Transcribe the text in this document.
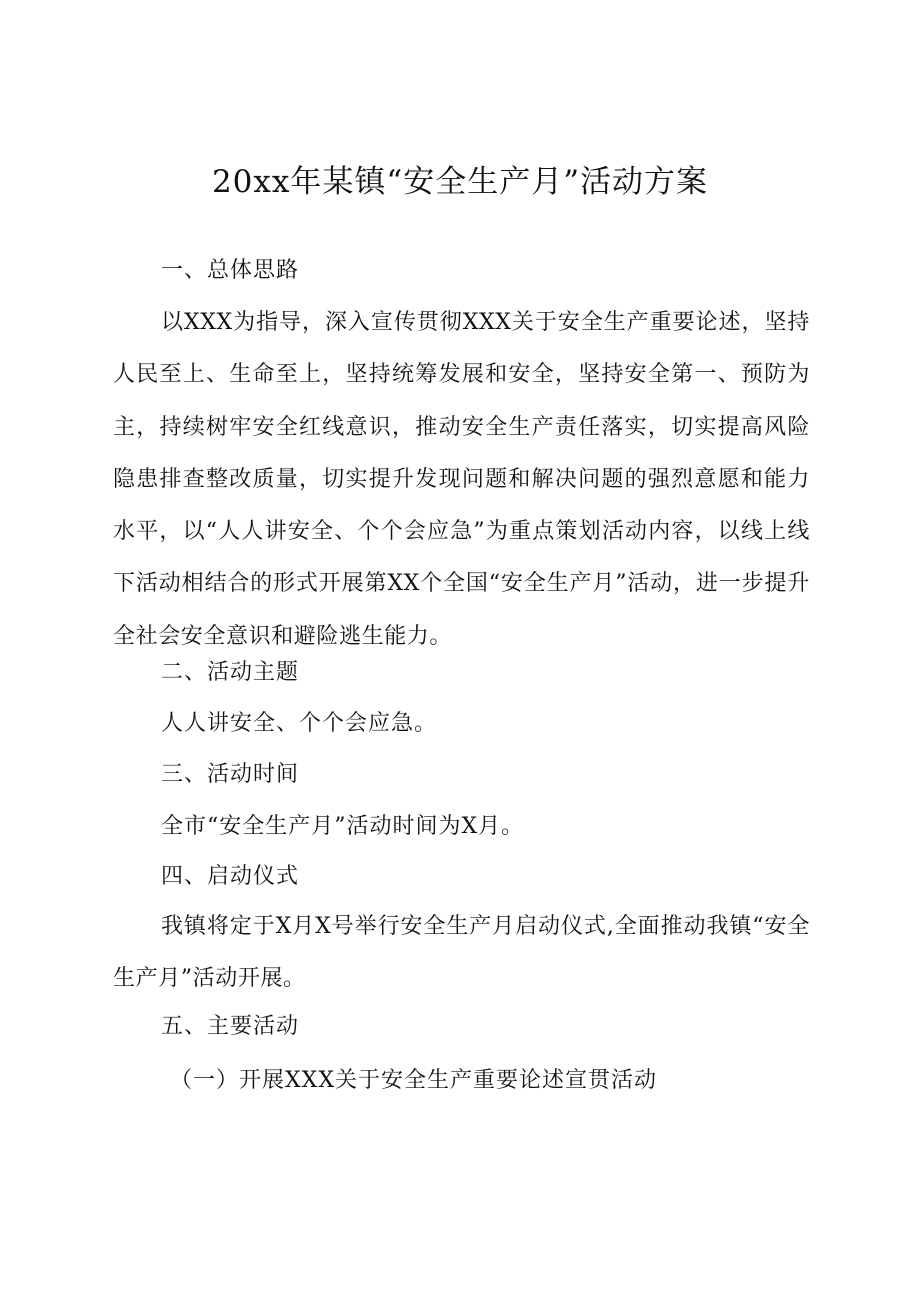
20xx年某镇“安全生产月”活动方案

一、总体思路

以XXX为指导，深入宣传贯彻XXX关于安全生产重要论述，坚持人民至上、生命至上，坚持统筹发展和安全，坚持安全第一、预防为主，持续树牢安全红线意识，推动安全生产责任落实，切实提高风险隐患排查整改质量，切实提升发现问题和解决问题的强烈意愿和能力水平，以“人人讲安全、个个会应急”为重点策划活动内容，以线上线下活动相结合的形式开展第XX个全国“安全生产月”活动，进一步提升全社会安全意识和避险逃生能力。

二、活动主题

人人讲安全、个个会应急。

三、活动时间

全市“安全生产月”活动时间为X月。

四、启动仪式

我镇将定于X月X号举行安全生产月启动仪式,全面推动我镇“安全生产月”活动开展。

五、主要活动

（一）开展XXX关于安全生产重要论述宣贯活动
